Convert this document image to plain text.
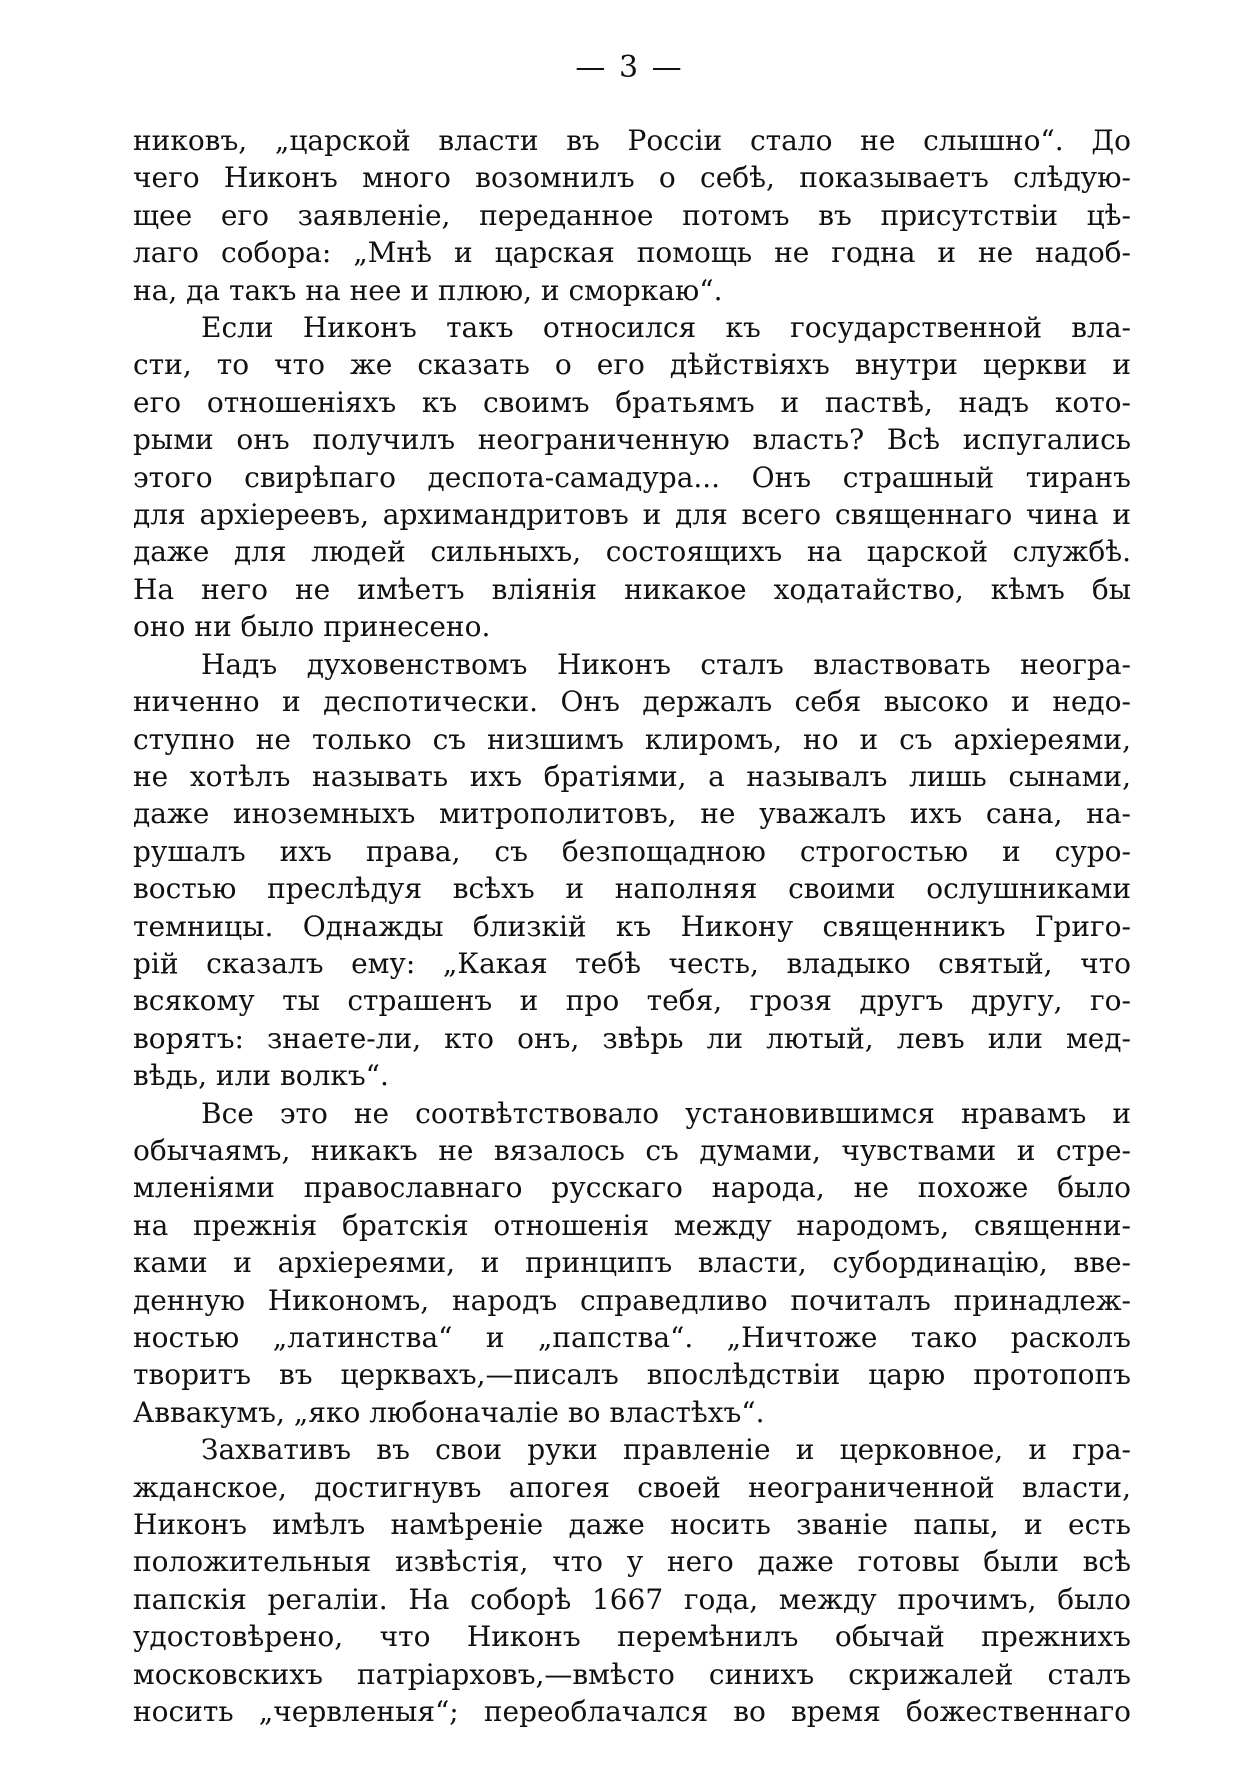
— 3 —

никовъ, „царской власти въ Россіи стало не слышно“. До
чего Никонъ много возомнилъ о себѣ, показываетъ слѣдую-
щее его заявленіе, переданное потомъ въ присутствіи цѣ-
лаго собора: „Мнѣ и царская помощь не годна и не надоб-
на, да такъ на нее и плюю, и сморкаю“.

Если Никонъ такъ относился къ государственной вла-
сти, то что же сказать о его дѣйствіяхъ внутри церкви и
его отношеніяхъ къ своимъ братьямъ и паствѣ, надъ кото-
рыми онъ получилъ неограниченную власть? Всѣ испугались
этого свирѣпаго деспота-самадура... Онъ страшный тиранъ
для архіереевъ, архимандритовъ и для всего священнаго чина и
даже для людей сильныхъ, состоящихъ на царской службѣ.
На него не имѣетъ вліянія никакое ходатайство, кѣмъ бы
оно ни было принесено.

Надъ духовенствомъ Никонъ сталъ властвовать неогра-
ниченно и деспотически. Онъ держалъ себя высоко и недо-
ступно не только съ низшимъ клиромъ, но и съ архіереями,
не хотѣлъ называть ихъ братіями, а называлъ лишь сынами,
даже иноземныхъ митрополитовъ, не уважалъ ихъ сана, на-
рушалъ ихъ права, съ безпощадною строгостью и суро-
востью преслѣдуя всѣхъ и наполняя своими ослушниками
темницы. Однажды близкій къ Никону священникъ Григо-
рій сказалъ ему: „Какая тебѣ честь, владыко святый, что
всякому ты страшенъ и про тебя, грозя другъ другу, го-
ворятъ: знаете-ли, кто онъ, звѣрь ли лютый, левъ или мед-
вѣдь, или волкъ“.

Все это не соотвѣтствовало установившимся нравамъ и
обычаямъ, никакъ не вязалось съ думами, чувствами и стре-
мленіями православнаго русскаго народа, не похоже было
на прежнія братскія отношенія между народомъ, священни-
ками и архіереями, и принципъ власти, субординацію, вве-
денную Никономъ, народъ справедливо почиталъ принадлеж-
ностью „латинства“ и „папства“. „Ничтоже тако расколъ
творитъ въ церквахъ,—писалъ впослѣдствіи царю протопопъ
Аввакумъ, „яко любоначаліе во властѣхъ“.

Захвативъ въ свои руки правленіе и церковное, и гра-
жданское, достигнувъ апогея своей неограниченной власти,
Никонъ имѣлъ намѣреніе даже носить званіе папы, и есть
положительныя извѣстія, что у него даже готовы были всѣ
папскія регаліи. На соборѣ 1667 года, между прочимъ, было
удостовѣрено, что Никонъ перемѣнилъ обычай прежнихъ
московскихъ патріарховъ,—вмѣсто синихъ скрижалей сталъ
носить „червленыя“; переоблачался во время божественнаго
